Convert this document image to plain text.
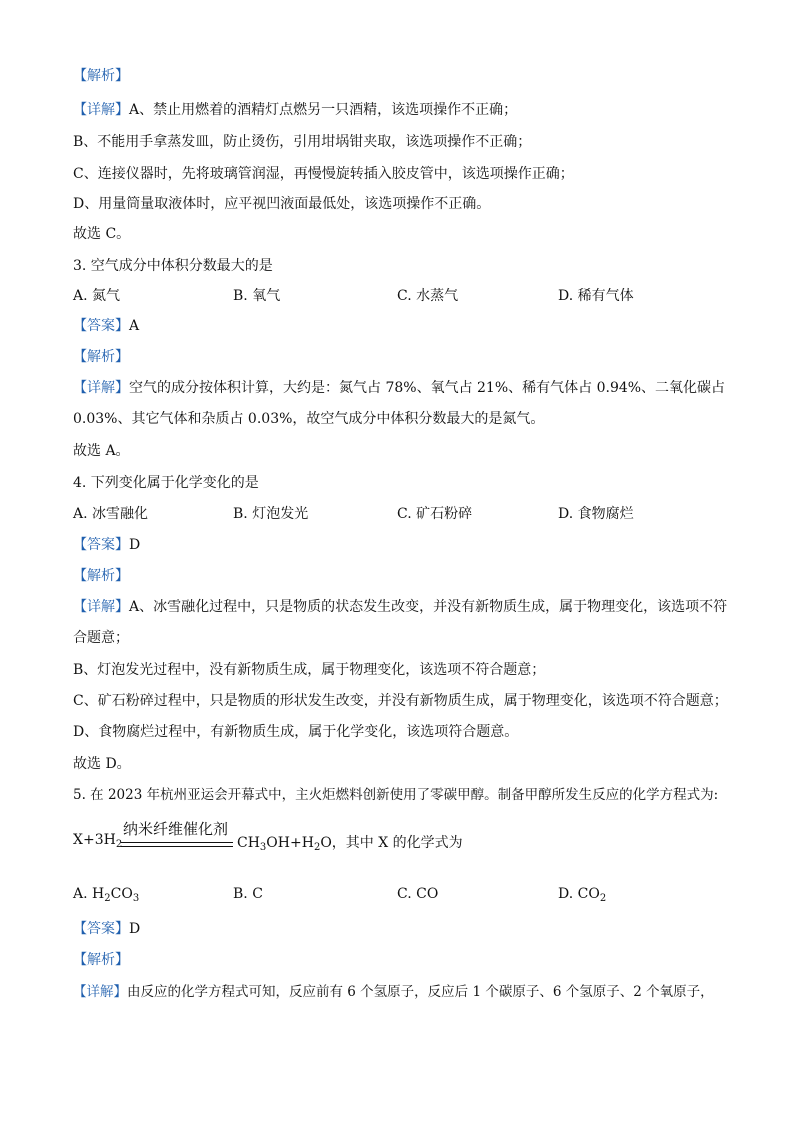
【解析】
【详解】A、禁止用燃着的酒精灯点燃另一只酒精，该选项操作不正确；
B、不能用手拿蒸发皿，防止烫伤，引用坩埚钳夹取，该选项操作不正确；
C、连接仪器时，先将玻璃管润湿，再慢慢旋转插入胶皮管中，该选项操作正确；
D、用量筒量取液体时，应平视凹液面最低处，该选项操作不正确。
故选 C。
3. 空气成分中体积分数最大的是
A. 氮气	B. 氧气	C. 水蒸气	D. 稀有气体
【答案】A
【解析】
【详解】空气的成分按体积计算，大约是：氮气占 78%、氧气占 21%、稀有气体占 0.94%、二氧化碳占
0.03%、其它气体和杂质占 0.03%，故空气成分中体积分数最大的是氮气。
故选 A。
4. 下列变化属于化学变化的是
A. 冰雪融化	B. 灯泡发光	C. 矿石粉碎	D. 食物腐烂
【答案】D
【解析】
【详解】A、冰雪融化过程中，只是物质的状态发生改变，并没有新物质生成，属于物理变化，该选项不符
合题意；
B、灯泡发光过程中，没有新物质生成，属于物理变化，该选项不符合题意；
C、矿石粉碎过程中，只是物质的形状发生改变，并没有新物质生成，属于物理变化，该选项不符合题意；
D、食物腐烂过程中，有新物质生成，属于化学变化，该选项符合题意。
故选 D。
5. 在 2023 年杭州亚运会开幕式中，主火炬燃料创新使用了零碳甲醇。制备甲醇所发生反应的化学方程式为:
$X+3H_2$
纳米纤维催化剂
$CH_3OH+H_2O$，其中 X 的化学式为
A. $H_2CO_3$	B. C	C. CO	D. $CO_2$
【答案】D
【解析】
【详解】由反应的化学方程式可知，反应前有 6 个氢原子，反应后 1 个碳原子、6 个氢原子、2 个氧原子，
